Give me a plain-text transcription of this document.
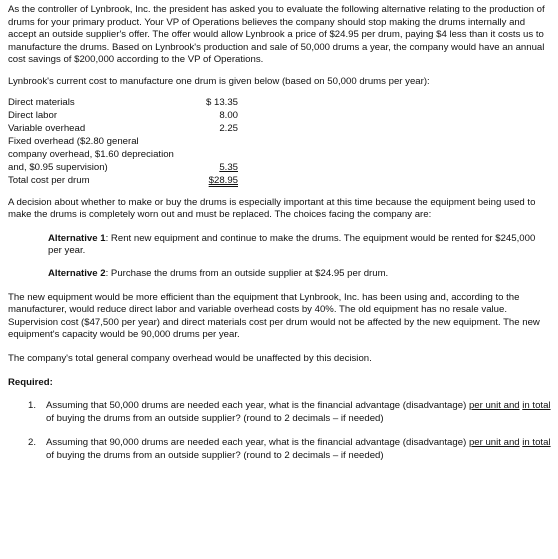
As the controller of Lynbrook, Inc. the president has asked you to evaluate the following alternative relating to the production of drums for your primary product. Your VP of Operations believes the company should stop making the drums internally and accept an outside supplier's offer. The offer would allow Lynbrook a price of $24.95 per drum, paying $4 less than it costs us to manufacture the drums. Based on Lynbrook's production and sale of 50,000 drums a year, the company would have an annual cost savings of $200,000 according to the VP of Operations.

Lynbrook's current cost to manufacture one drum is given below (based on 50,000 drums per year):

Direct materials	$ 13.35
Direct labor	8.00
Variable overhead	2.25
Fixed overhead ($2.80 general
company overhead, $1.60 depreciation
and, $0.95 supervision)	5.35
Total cost per drum	$28.95

A decision about whether to make or buy the drums is especially important at this time because the equipment being used to make the drums is completely worn out and must be replaced. The choices facing the company are:

Alternative 1: Rent new equipment and continue to make the drums. The equipment would be rented for $245,000 per year.

Alternative 2: Purchase the drums from an outside supplier at $24.95 per drum.

The new equipment would be more efficient than the equipment that Lynbrook, Inc. has been using and, according to the manufacturer, would reduce direct labor and variable overhead costs by 40%. The old equipment has no resale value. Supervision cost ($47,500 per year) and direct materials cost per drum would not be affected by the new equipment. The new equipment's capacity would be 90,000 drums per year.

The company's total general company overhead would be unaffected by this decision.

Required:

1.	Assuming that 50,000 drums are needed each year, what is the financial advantage (disadvantage) per unit and in total of buying the drums from an outside supplier? (round to 2 decimals – if needed)
2.	Assuming that 90,000 drums are needed each year, what is the financial advantage (disadvantage) per unit and in total of buying the drums from an outside supplier? (round to 2 decimals – if needed)
